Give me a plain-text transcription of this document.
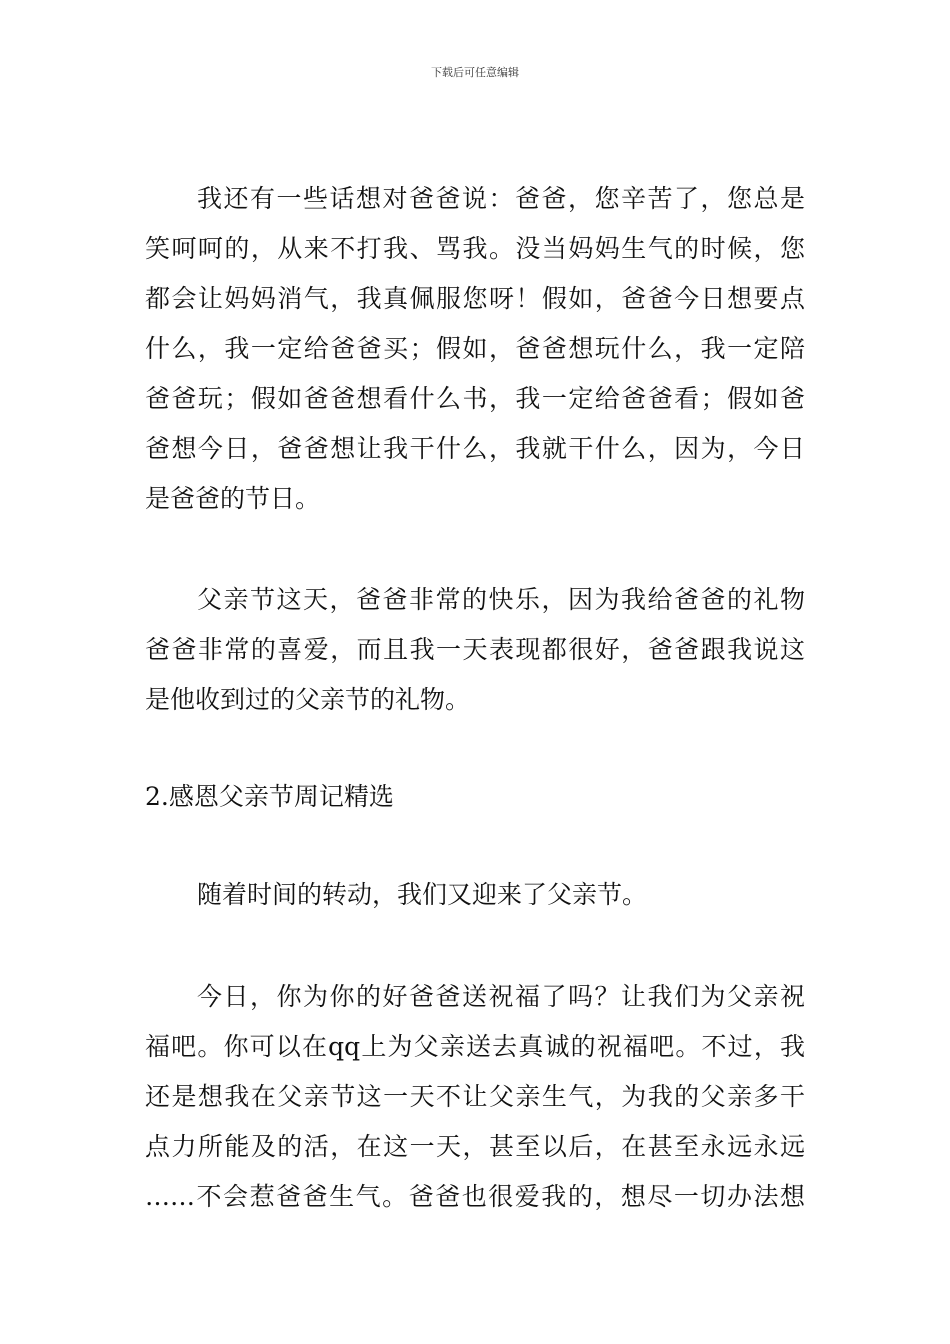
下载后可任意编辑
我还有一些话想对爸爸说：爸爸，您辛苦了，您总是
笑呵呵的，从来不打我、骂我。没当妈妈生气的时候，您
都会让妈妈消气，我真佩服您呀！假如，爸爸今日想要点
什么，我一定给爸爸买；假如，爸爸想玩什么，我一定陪
爸爸玩；假如爸爸想看什么书，我一定给爸爸看；假如爸
爸想今日，爸爸想让我干什么，我就干什么，因为，今日
是爸爸的节日。
父亲节这天，爸爸非常的快乐，因为我给爸爸的礼物
爸爸非常的喜爱，而且我一天表现都很好，爸爸跟我说这
是他收到过的父亲节的礼物。
2.感恩父亲节周记精选
随着时间的转动，我们又迎来了父亲节。
今日，你为你的好爸爸送祝福了吗？让我们为父亲祝
福吧。你可以在qq上为父亲送去真诚的祝福吧。不过，我
还是想我在父亲节这一天不让父亲生气，为我的父亲多干
点力所能及的活，在这一天，甚至以后，在甚至永远永远
……不会惹爸爸生气。爸爸也很爱我的，想尽一切办法想
